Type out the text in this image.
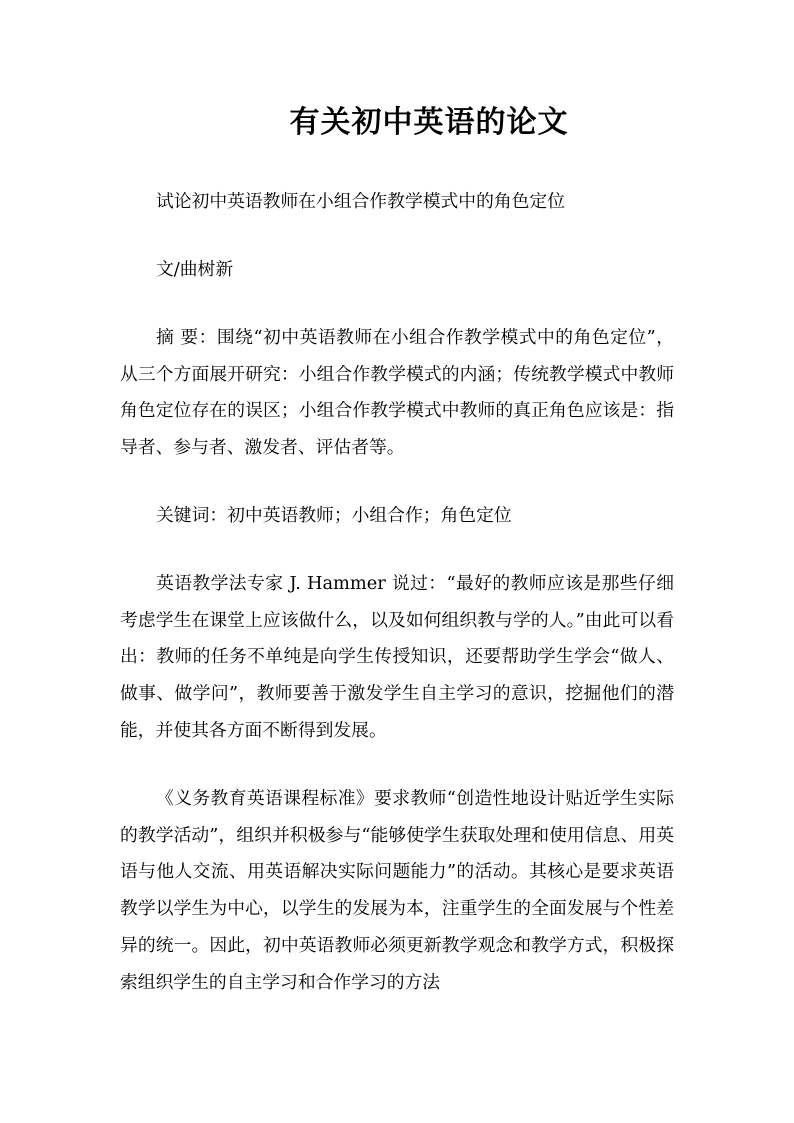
有关初中英语的论文
试论初中英语教师在小组合作教学模式中的角色定位
文/曲树新
摘 要：围绕“初中英语教师在小组合作教学模式中的角色定位”，从三个方面展开研究：小组合作教学模式的内涵；传统教学模式中教师角色定位存在的误区；小组合作教学模式中教师的真正角色应该是：指导者、参与者、激发者、评估者等。
关键词：初中英语教师；小组合作；角色定位
英语教学法专家 J. Hammer 说过：“最好的教师应该是那些仔细考虑学生在课堂上应该做什么，以及如何组织教与学的人。”由此可以看出：教师的任务不单纯是向学生传授知识，还要帮助学生学会“做人、做事、做学问”，教师要善于激发学生自主学习的意识，挖掘他们的潜能，并使其各方面不断得到发展。
《义务教育英语课程标准》要求教师“创造性地设计贴近学生实际的教学活动”，组织并积极参与“能够使学生获取处理和使用信息、用英语与他人交流、用英语解决实际问题能力”的活动。其核心是要求英语教学以学生为中心，以学生的发展为本，注重学生的全面发展与个性差异的统一。因此，初中英语教师必须更新教学观念和教学方式，积极探索组织学生的自主学习和合作学习的方法
